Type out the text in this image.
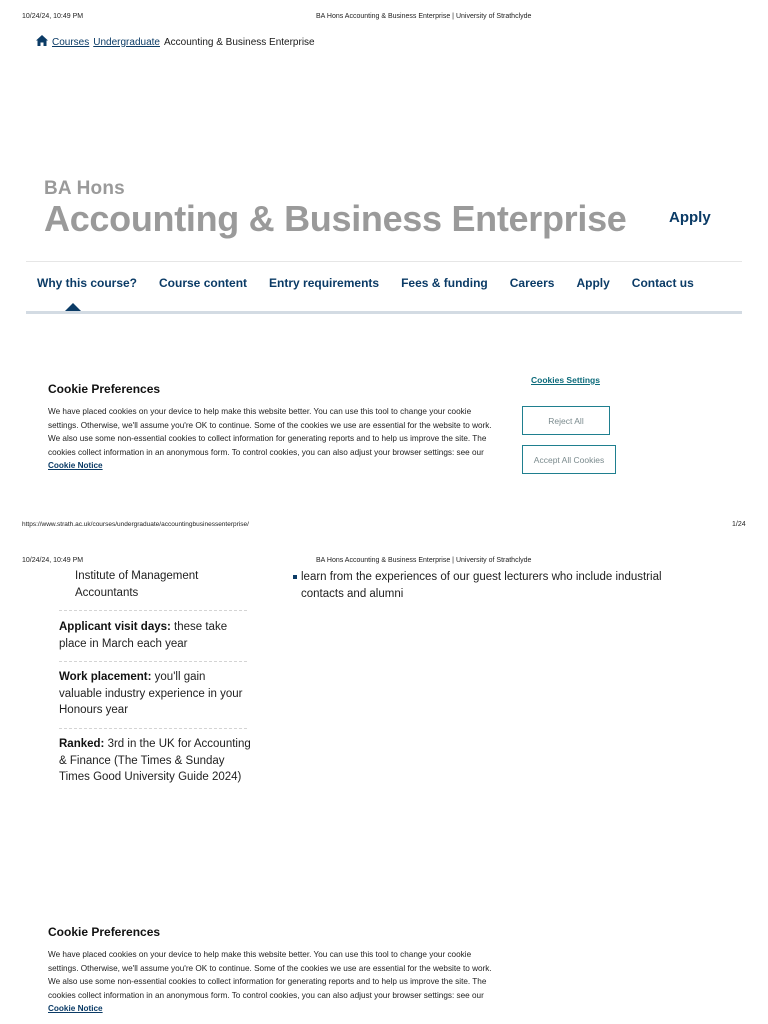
10/24/24, 10:49 PM	BA Hons Accounting & Business Enterprise | University of Strathclyde
Courses Undergraduate Accounting & Business Enterprise
BA Hons
Accounting & Business Enterprise	Apply
Why this course?	Course content	Entry requirements	Fees & funding	Careers	Apply	Contact us
Cookie Preferences
We have placed cookies on your device to help make this website better. You can use this tool to change your cookie settings. Otherwise, we'll assume you're OK to continue. Some of the cookies we use are essential for the website to work. We also use some non-essential cookies to collect information for generating reports and to help us improve the site. The cookies collect information in an anonymous form. To control cookies, you can also adjust your browser settings: see our Cookie Notice
Cookies Settings
Reject All
Accept All Cookies
https://www.strath.ac.uk/courses/undergraduate/accountingbusinessenterprise/	1/24
10/24/24, 10:49 PM	BA Hons Accounting & Business Enterprise | University of Strathclyde
Institute of Management Accountants
Applicant visit days: these take place in March each year
Work placement: you'll gain valuable industry experience in your Honours year
Ranked: 3rd in the UK for Accounting & Finance (The Times & Sunday Times Good University Guide 2024)
learn from the experiences of our guest lecturers who include industrial contacts and alumni
Cookie Preferences
We have placed cookies on your device to help make this website better. You can use this tool to change your cookie settings. Otherwise, we'll assume you're OK to continue. Some of the cookies we use are essential for the website to work. We also use some non-essential cookies to collect information for generating reports and to help us improve the site. The cookies collect information in an anonymous form. To control cookies, you can also adjust your browser settings: see our Cookie Notice
